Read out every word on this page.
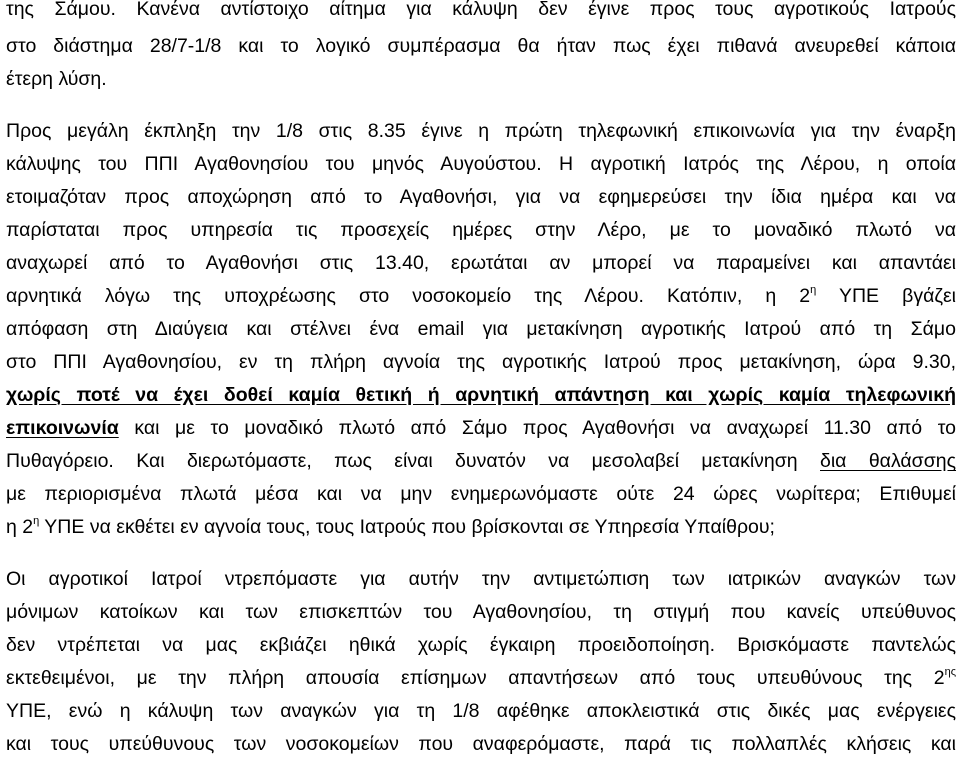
της Σάμου. Κανένα αντίστοιχο αίτημα για κάλυψη δεν έγινε προς τους αγροτικούς Ιατρούς
στο διάστημα 28/7-1/8 και το λογικό συμπέρασμα θα ήταν πως έχει πιθανά ανευρεθεί κάποια
έτερη λύση.
Προς μεγάλη έκπληξη την 1/8 στις 8.35 έγινε η πρώτη τηλεφωνική επικοινωνία για την έναρξη
κάλυψης του ΠΠΙ Αγαθονησίου του μηνός Αυγούστου. Η αγροτική Ιατρός της Λέρου, η οποία
ετοιμαζόταν προς αποχώρηση από το Αγαθονήσι, για να εφημερεύσει την ίδια ημέρα και να
παρίσταται προς υπηρεσία τις προσεχείς ημέρες στην Λέρο, με το μοναδικό πλωτό να
αναχωρεί από το Αγαθονήσι στις 13.40, ερωτάται αν μπορεί να παραμείνει και απαντάει
αρνητικά λόγω της υποχρέωσης στο νοσοκομείο της Λέρου. Κατόπιν, η $2^\eta$ ΥΠΕ βγάζει
απόφαση στη Διαύγεια και στέλνει ένα email για μετακίνηση αγροτικής Ιατρού από τη Σάμο
στο ΠΠΙ Αγαθονησίου, εν τη πλήρη αγνοία της αγροτικής Ιατρού προς μετακίνηση, ώρα 9.30,
χωρίς ποτέ να έχει δοθεί καμία θετική ή αρνητική απάντηση και χωρίς καμία τηλεφωνική
επικοινωνία και με το μοναδικό πλωτό από Σάμο προς Αγαθονήσι να αναχωρεί 11.30 από το
Πυθαγόρειο. Και διερωτόμαστε, πως είναι δυνατόν να μεσολαβεί μετακίνηση δια θαλάσσης
με περιορισμένα πλωτά μέσα και να μην ενημερωνόμαστε ούτε 24 ώρες νωρίτερα; Επιθυμεί
η $2^\eta$ ΥΠΕ να εκθέτει εν αγνοία τους, τους Ιατρούς που βρίσκονται σε Υπηρεσία Υπαίθρου;
Οι αγροτικοί Ιατροί ντρεπόμαστε για αυτήν την αντιμετώπιση των ιατρικών αναγκών των
μόνιμων κατοίκων και των επισκεπτών του Αγαθονησίου, τη στιγμή που κανείς υπεύθυνος
δεν ντρέπεται να μας εκβιάζει ηθικά χωρίς έγκαιρη προειδοποίηση. Βρισκόμαστε παντελώς
εκτεθειμένοι, με την πλήρη απουσία επίσημων απαντήσεων από τους υπευθύνους της $2^{\eta\varsigma}$
ΥΠΕ, ενώ η κάλυψη των αναγκών για τη 1/8 αφέθηκε αποκλειστικά στις δικές μας ενέργειες
και τους υπεύθυνους των νοσοκομείων που αναφερόμαστε, παρά τις πολλαπλές κλήσεις και
